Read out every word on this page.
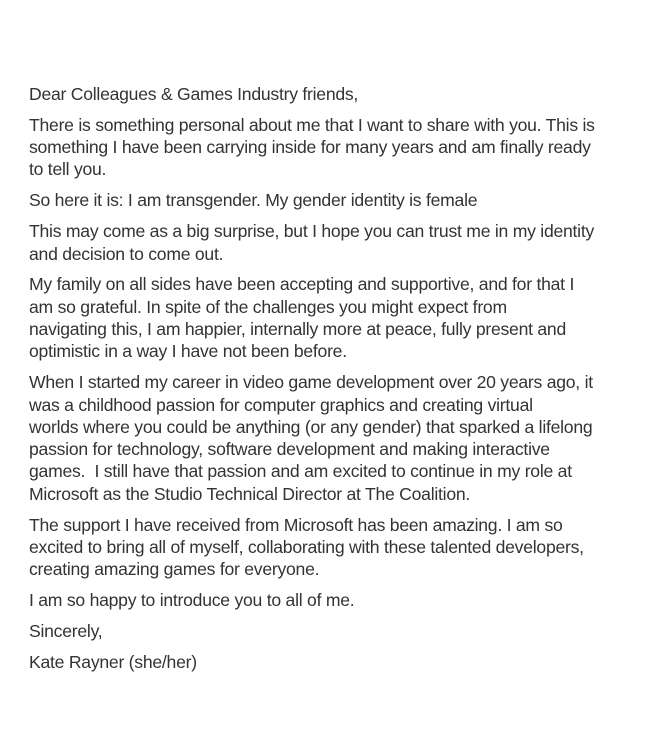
Dear Colleagues & Games Industry friends,

There is something personal about me that I want to share with you. This is
something I have been carrying inside for many years and am finally ready
to tell you.

So here it is: I am transgender. My gender identity is female

This may come as a big surprise, but I hope you can trust me in my identity
and decision to come out.

My family on all sides have been accepting and supportive, and for that I
am so grateful. In spite of the challenges you might expect from
navigating this, I am happier, internally more at peace, fully present and
optimistic in a way I have not been before.

When I started my career in video game development over 20 years ago, it
was a childhood passion for computer graphics and creating virtual
worlds where you could be anything (or any gender) that sparked a lifelong
passion for technology, software development and making interactive
games.  I still have that passion and am excited to continue in my role at
Microsoft as the Studio Technical Director at The Coalition.

The support I have received from Microsoft has been amazing. I am so
excited to bring all of myself, collaborating with these talented developers,
creating amazing games for everyone.

I am so happy to introduce you to all of me.

Sincerely,

Kate Rayner (she/her)
